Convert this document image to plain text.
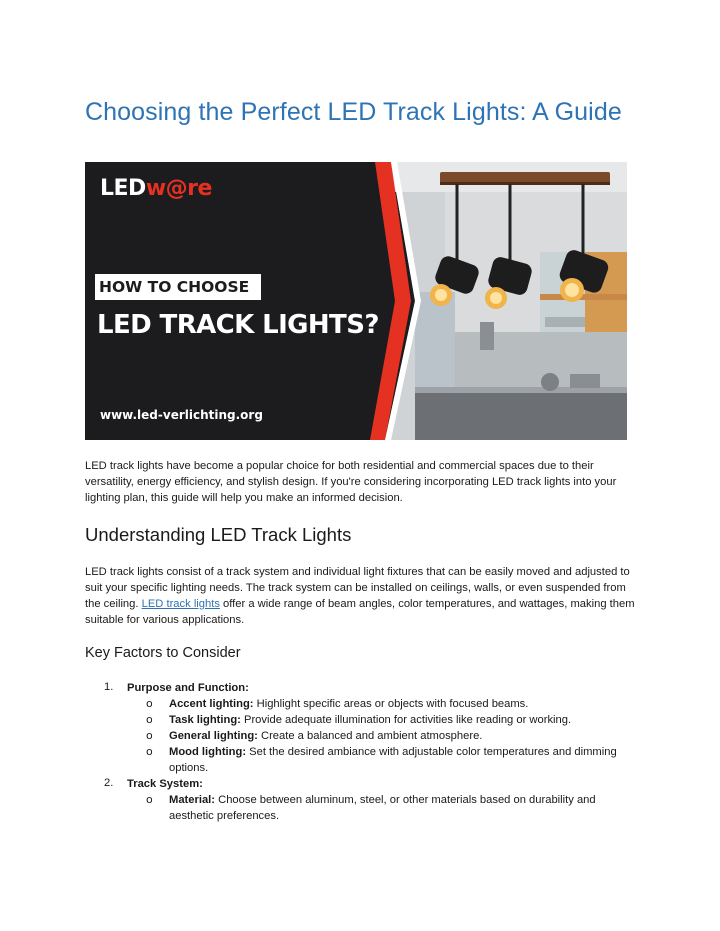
Choosing the Perfect LED Track Lights: A Guide
LEDw@re
HOW TO CHOOSE
LED TRACK LIGHTS?
www.led-verlichting.org

LED track lights have become a popular choice for both residential and commercial spaces due to their versatility, energy efficiency, and stylish design. If you're considering incorporating LED track lights into your lighting plan, this guide will help you make an informed decision.

Understanding LED Track Lights

LED track lights consist of a track system and individual light fixtures that can be easily moved and adjusted to suit your specific lighting needs. The track system can be installed on ceilings, walls, or even suspended from the ceiling. LED track lights offer a wide range of beam angles, color temperatures, and wattages, making them suitable for various applications.

Key Factors to Consider
1.	Purpose and Function:
o Accent lighting: Highlight specific areas or objects with focused beams.
o Task lighting: Provide adequate illumination for activities like reading or working.
o General lighting: Create a balanced and ambient atmosphere.
o Mood lighting: Set the desired ambiance with adjustable color temperatures and dimming options.
2.	Track System:
o Material: Choose between aluminum, steel, or other materials based on durability and aesthetic preferences.
